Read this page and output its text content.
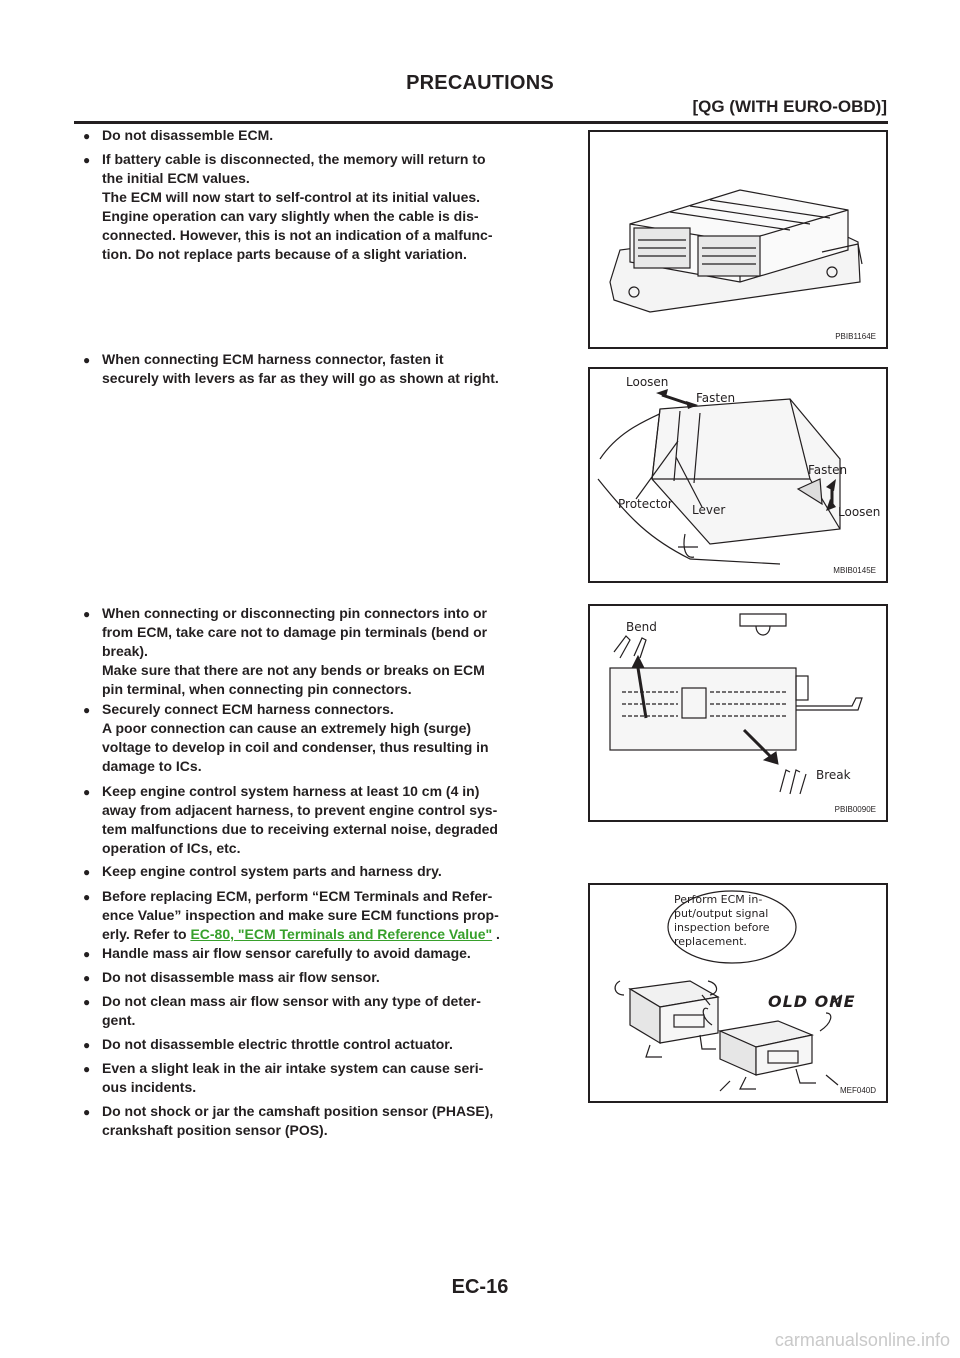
PRECAUTIONS
[QG (WITH EURO-OBD)]
● Do not disassemble ECM.
● If battery cable is disconnected, the memory will return to
the initial ECM values.
The ECM will now start to self-control at its initial values.
Engine operation can vary slightly when the cable is dis-
connected. However, this is not an indication of a malfunc-
tion. Do not replace parts because of a slight variation.
● When connecting ECM harness connector, fasten it
securely with levers as far as they will go as shown at right.
● When connecting or disconnecting pin connectors into or
from ECM, take care not to damage pin terminals (bend or
break).
Make sure that there are not any bends or breaks on ECM
pin terminal, when connecting pin connectors.
● Securely connect ECM harness connectors.
A poor connection can cause an extremely high (surge)
voltage to develop in coil and condenser, thus resulting in
damage to ICs.
● Keep engine control system harness at least 10 cm (4 in)
away from adjacent harness, to prevent engine control sys-
tem malfunctions due to receiving external noise, degraded
operation of ICs, etc.
● Keep engine control system parts and harness dry.
● Before replacing ECM, perform “ECM Terminals and Refer-
ence Value” inspection and make sure ECM functions prop-
erly. Refer to EC-80, "ECM Terminals and Reference Value" .
● Handle mass air flow sensor carefully to avoid damage.
● Do not disassemble mass air flow sensor.
● Do not clean mass air flow sensor with any type of deter-
gent.
● Do not disassemble electric throttle control actuator.
● Even a slight leak in the air intake system can cause seri-
ous incidents.
● Do not shock or jar the camshaft position sensor (PHASE),
crankshaft position sensor (POS).
PBIB1164E
Loosen
Fasten
Fasten
Loosen
Protector Lever
MBIB0145E
Bend
Break
PBIB0090E
Perform ECM in-
put/output signal
inspection before
replacement.
OLD ONE
MEF040D
EC-16
carmanualsonline.info
